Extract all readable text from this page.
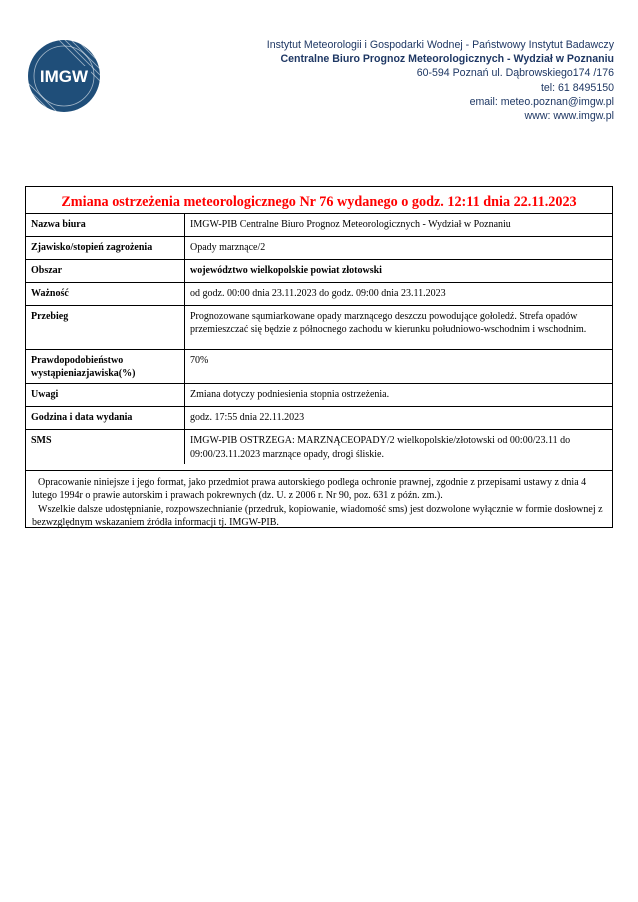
IMGW
Instytut Meteorologii i Gospodarki Wodnej - Państwowy Instytut Badawczy
Centralne Biuro Prognoz Meteorologicznych - Wydział w Poznaniu
60-594 Poznań ul. Dąbrowskiego174 /176
tel: 61 8495150
email: meteo.poznan@imgw.pl
www: www.imgw.pl
Zmiana ostrzeżenia meteorologicznego Nr 76 wydanego o godz. 12:11 dnia 22.11.2023
Nazwa biura	IMGW-PIB Centralne Biuro Prognoz Meteorologicznych - Wydział w Poznaniu
Zjawisko/stopień zagrożenia	Opady marznące/2
Obszar	województwo wielkopolskie powiat złotowski
Ważność	od godz. 00:00 dnia 23.11.2023 do godz. 09:00 dnia 23.11.2023
Przebieg	Prognozowane sąumiarkowane opady marznącego deszczu powodujące gołoledź. Strefa opadów przemieszczać się będzie z północnego zachodu w kierunku południowo-wschodnim i wschodnim.
Prawdopodobieństwo wystąpieniazjawiska(%)	70%
Uwagi	Zmiana dotyczy podniesienia stopnia ostrzeżenia.
Godzina i data wydania	godz. 17:55 dnia 22.11.2023
SMS	IMGW-PIB OSTRZEGA: MARZNĄCEOPADY/2 wielkopolskie/złotowski od 00:00/23.11 do 09:00/23.11.2023 marznące opady, drogi śliskie.

Opracowanie niniejsze i jego format, jako przedmiot prawa autorskiego podlega ochronie prawnej, zgodnie z przepisami ustawy z dnia 4 lutego 1994r o prawie autorskim i prawach pokrewnych (dz. U. z 2006 r. Nr 90, poz. 631 z późn. zm.).

Wszelkie dalsze udostępnianie, rozpowszechnianie (przedruk, kopiowanie, wiadomość sms) jest dozwolone wyłącznie w formie dosłownej z bezwzględnym wskazaniem źródła informacji tj. IMGW-PIB.
